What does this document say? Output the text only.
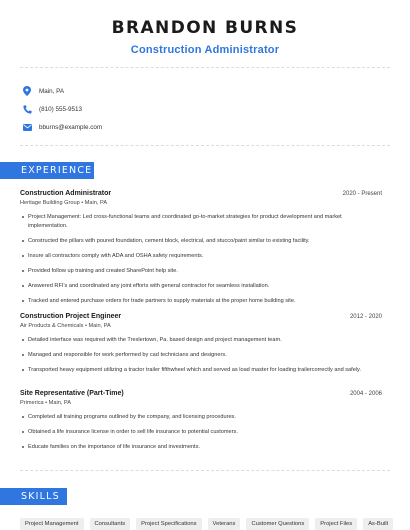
BRANDON BURNS
Construction Administrator
Main, PA
(810) 555-9513
bburns@example.com
EXPERIENCE
Construction Administrator	2020 - Present
Heritage Building Group • Main, PA
Project Management: Led cross-functional teams and coordinated go-to-market strategies for product development and market implementation.
Constructed the pillars with poured foundation, cement block, electrical, and stucco/paint similar to existing facility.
Insure all contractors comply with ADA and OSHA safety requirements.
Provided follow up training and created SharePoint help site.
Answered RFI's and coordinated any joint efforts with general contractor for seamless installation.
Tracked and entered purchase orders for trade partners to supply materials at the proper home building site.
Construction Project Engineer	2012 - 2020
Air Products & Chemicals • Main, PA
Detailed interface was required with the Trexlertown, Pa. based design and project management team.
Managed and responsible for work performed by cad technicians and designers.
Transported heavy equipment utilizing a tractor trailer fifthwheel which and served as load master for loading trailercorrectly and safely.
Site Representative (Part-Time)	2004 - 2006
Primerica • Main, PA
Completed all training programs outlined by the company, and licensing procedures.
Obtained a life insurance license in order to sell life insurance to potential customers.
Educate families on the importance of life insurance and investments.
SKILLS
Project Management	Consultants	Project Specifications	Veterans	Customer Questions	Project Files	As-Built
